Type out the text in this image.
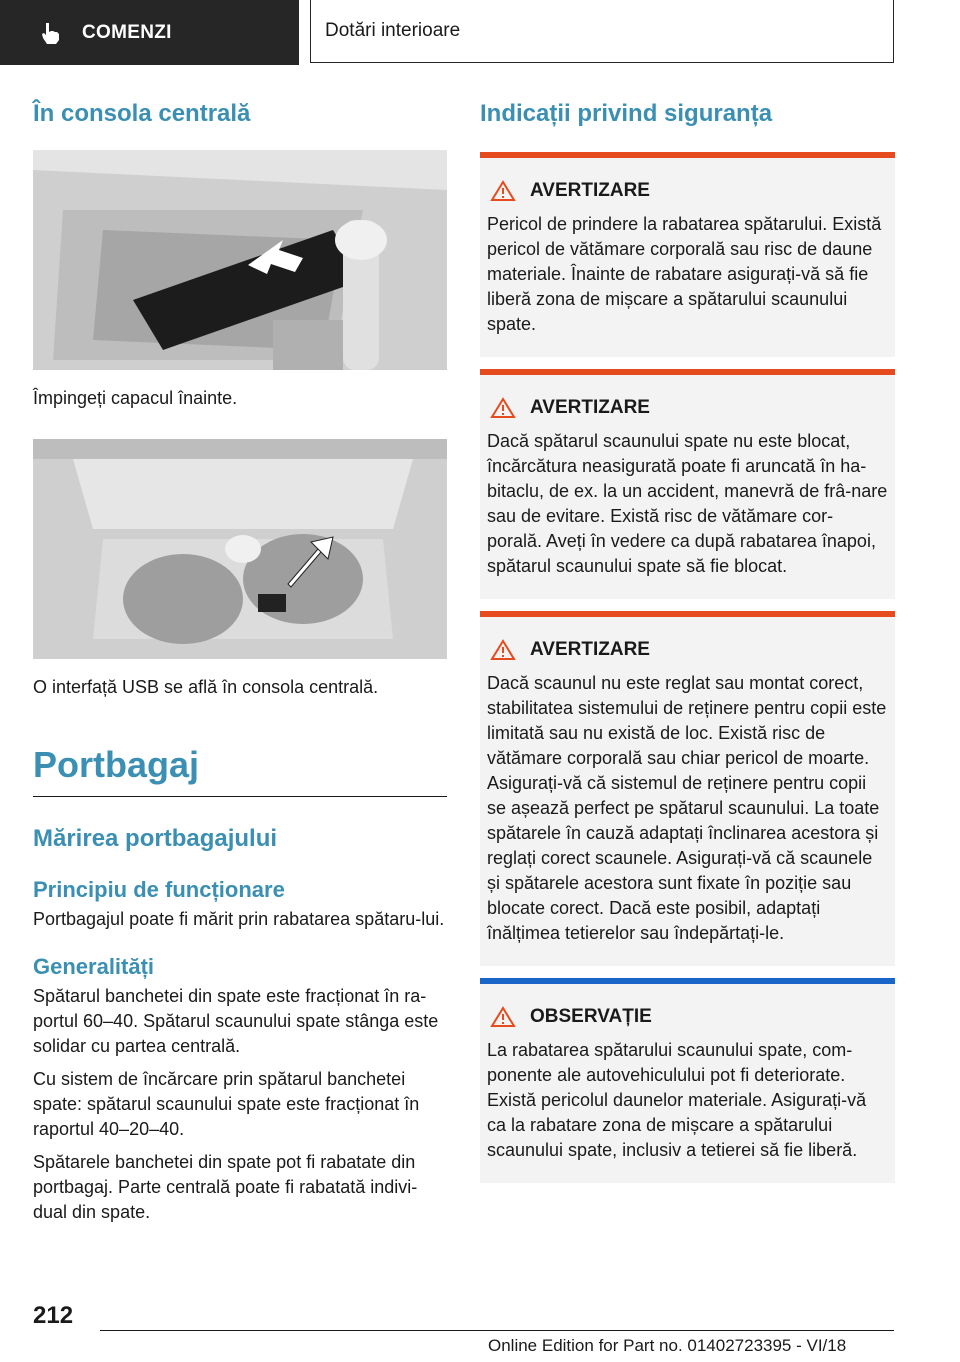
COMENZI	Dotări interioare
În consola centrală

Împingeți capacul înainte.

O interfață USB se află în consola centrală.

Portbagaj
Mărirea portbagajului
Principiu de funcționare

Portbagajul poate fi mărit prin rabatarea spătaru-lui.

Generalități

Spătarul banchetei din spate este fracționat în ra-portul 60–40. Spătarul scaunului spate stânga este solidar cu partea centrală.

Cu sistem de încărcare prin spătarul banchetei spate: spătarul scaunului spate este fracționat în raportul 40–20–40.

Spătarele banchetei din spate pot fi rabatate din portbagaj. Parte centrală poate fi rabatată indivi-dual din spate.

Indicații privind siguranța
AVERTIZARE

Pericol de prindere la rabatarea spătarului. Există pericol de vătămare corporală sau risc de daune materiale. Înainte de rabatare asigurați-vă să fie liberă zona de mișcare a spătarului scaunului spate.

AVERTIZARE

Dacă spătarul scaunului spate nu este blocat, încărcătura neasigurată poate fi aruncată în ha-bitaclu, de ex. la un accident, manevră de frâ-nare sau de evitare. Există risc de vătămare cor-porală. Aveți în vedere ca după rabatarea înapoi, spătarul scaunului spate să fie blocat.

AVERTIZARE

Dacă scaunul nu este reglat sau montat corect, stabilitatea sistemului de reținere pentru copii este limitată sau nu există de loc. Există risc de vătămare corporală sau chiar pericol de moarte. Asigurați-vă că sistemul de reținere pentru copii se așează perfect pe spătarul scaunului. La toate spătarele în cauză adaptați înclinarea acestora și reglați corect scaunele. Asigurați-vă că scaunele și spătarele acestora sunt fixate în poziție sau blocate corect. Dacă este posibil, adaptați înălțimea tetierelor sau îndepărtați-le.

OBSERVAȚIE

La rabatarea spătarului scaunului spate, com-ponente ale autovehiculului pot fi deteriorate. Există pericolul daunelor materiale. Asigurați-vă ca la rabatare zona de mișcare a spătarului scaunului spate, inclusiv a tetierei să fie liberă.

212
Online Edition for Part no. 01402723395 - VI/18
